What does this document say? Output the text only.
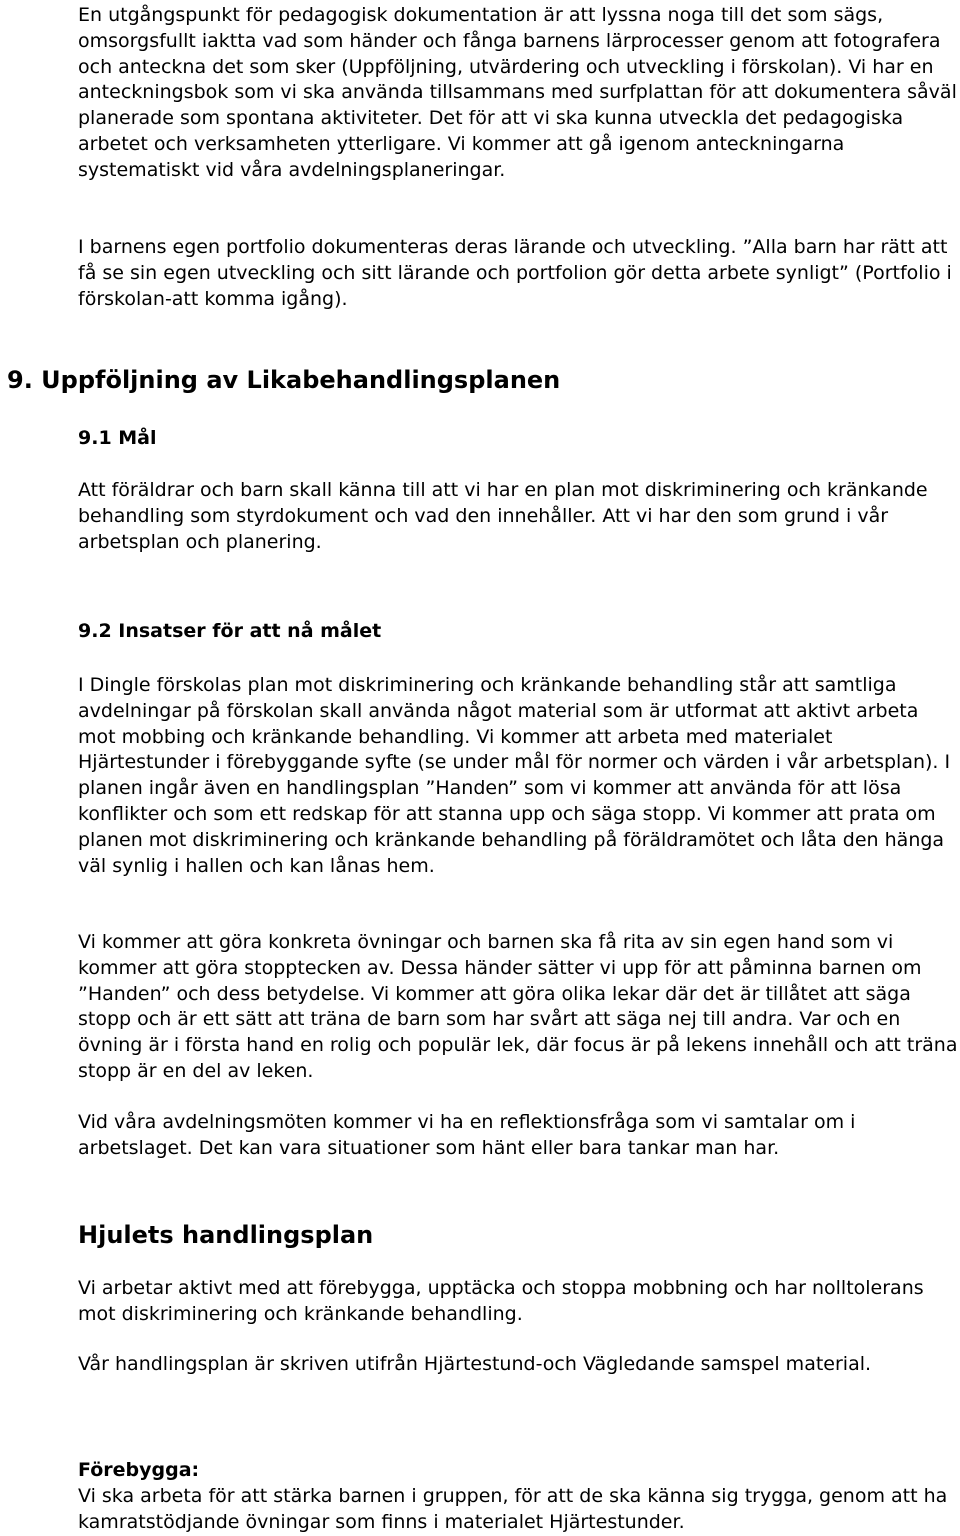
En utgångspunkt för pedagogisk dokumentation är att lyssna noga till det som sägs, omsorgsfullt iaktta vad som händer och fånga barnens lärprocesser genom att fotografera och anteckna det som sker (Uppföljning, utvärdering och utveckling i förskolan). Vi har en anteckningsbok som vi ska använda tillsammans med surfplattan för att dokumentera såväl planerade som spontana aktiviteter. Det för att vi ska kunna utveckla det pedagogiska arbetet och verksamheten ytterligare. Vi kommer att gå igenom anteckningarna systematiskt vid våra avdelningsplaneringar.

I barnens egen portfolio dokumenteras deras lärande och utveckling. ”Alla barn har rätt att få se sin egen utveckling och sitt lärande och portfolion gör detta arbete synligt” (Portfolio i förskolan-att komma igång).

9. Uppföljning av Likabehandlingsplanen
9.1 Mål

Att föräldrar och barn skall känna till att vi har en plan mot diskriminering och kränkande behandling som styrdokument och vad den innehåller. Att vi har den som grund i vår arbetsplan och planering.

9.2 Insatser för att nå målet

I Dingle förskolas plan mot diskriminering och kränkande behandling står att samtliga avdelningar på förskolan skall använda något material som är utformat att aktivt arbeta mot mobbing och kränkande behandling. Vi kommer att arbeta med materialet Hjärtestunder i förebyggande syfte (se under mål för normer och värden i vår arbetsplan). I planen ingår även en handlingsplan ”Handen” som vi kommer att använda för att lösa konflikter och som ett redskap för att stanna upp och säga stopp. Vi kommer att prata om planen mot diskriminering och kränkande behandling på föräldramötet och låta den hänga väl synlig i hallen och kan lånas hem.

Vi kommer att göra konkreta övningar och barnen ska få rita av sin egen hand som vi kommer att göra stopptecken av. Dessa händer sätter vi upp för att påminna barnen om ”Handen” och dess betydelse. Vi kommer att göra olika lekar där det är tillåtet att säga stopp och är ett sätt att träna de barn som har svårt att säga nej till andra. Var och en övning är i första hand en rolig och populär lek, där focus är på lekens innehåll och att träna stopp är en del av leken.

Vid våra avdelningsmöten kommer vi ha en reflektionsfråga som vi samtalar om i arbetslaget. Det kan vara situationer som hänt eller bara tankar man har.

Hjulets handlingsplan

Vi arbetar aktivt med att förebygga, upptäcka och stoppa mobbning och har nolltolerans mot diskriminering och kränkande behandling.

Vår handlingsplan är skriven utifrån Hjärtestund-och Vägledande samspel material.

Förebygga:

Vi ska arbeta för att stärka barnen i gruppen, för att de ska känna sig trygga, genom att ha kamratstödjande övningar som finns i materialet Hjärtestunder.
